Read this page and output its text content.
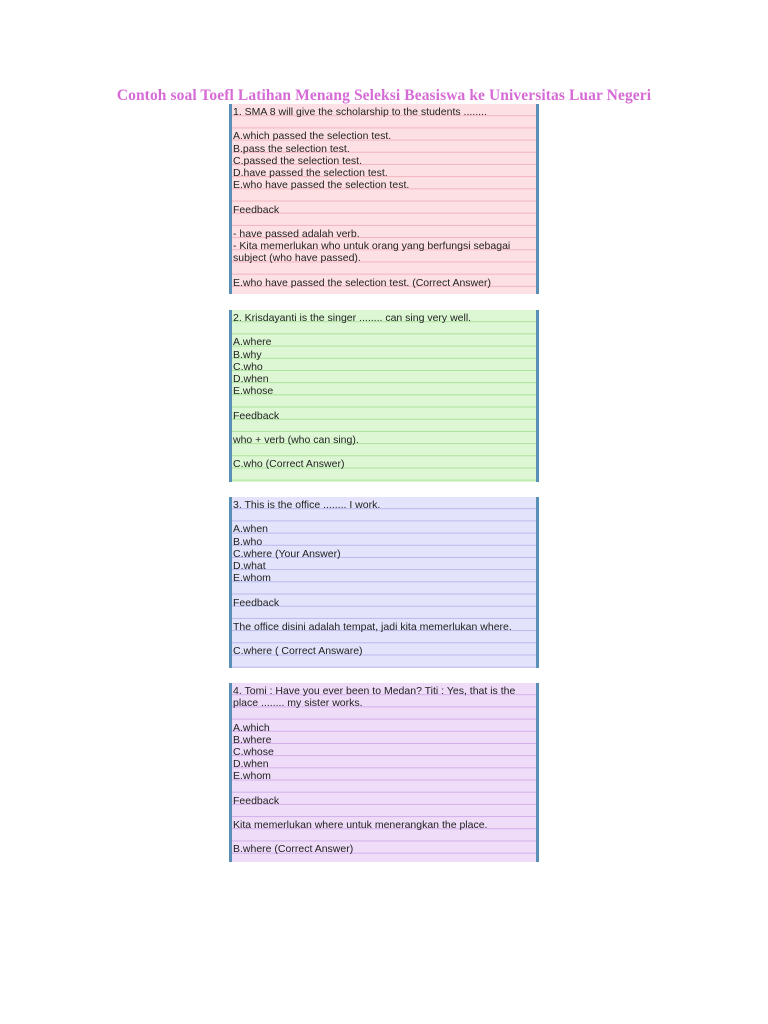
Contoh soal Toefl Latihan Menang Seleksi Beasiswa ke Universitas Luar Negeri
1. SMA 8 will give the scholarship to the students ........
A.which passed the selection test.
B.pass the selection test.
C.passed the selection test.
D.have passed the selection test.
E.who have passed the selection test.
Feedback
- have passed adalah verb.
- Kita memerlukan who untuk orang yang berfungsi sebagai
subject (who have passed).
E.who have passed the selection test. (Correct Answer)
2. Krisdayanti is the singer ........ can sing very well.
A.where
B.why
C.who
D.when
E.whose
Feedback
who + verb (who can sing).
C.who (Correct Answer)
3. This is the office ........ I work.
A.when
B.who
C.where (Your Answer)
D.what
E.whom
Feedback
The office disini adalah tempat, jadi kita memerlukan where.
C.where ( Correct Answare)
4. Tomi : Have you ever been to Medan? Titi : Yes, that is the
place ........ my sister works.
A.which
B.where
C.whose
D.when
E.whom
Feedback
Kita memerlukan where untuk menerangkan the place.
B.where (Correct Answer)
